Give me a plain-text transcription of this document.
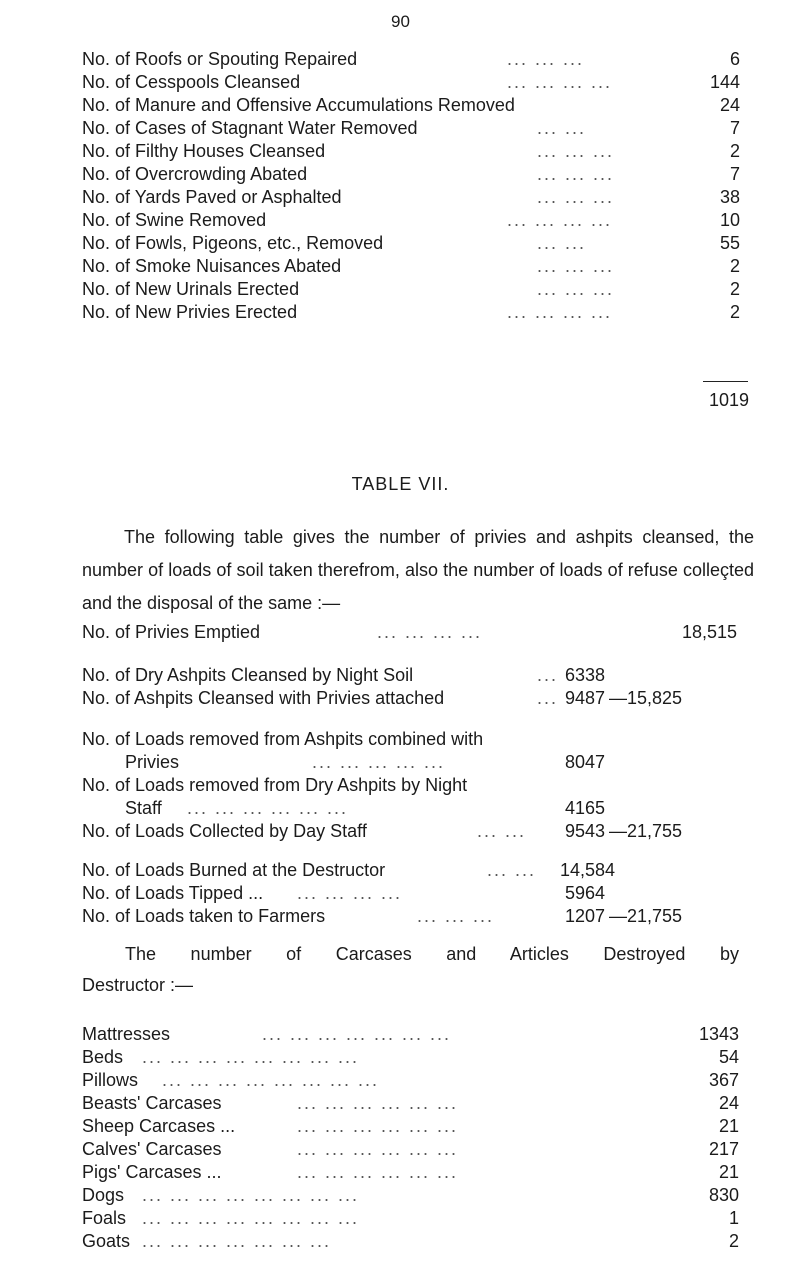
90
No. of Roofs or Spouting Repaired	... ... ...	6
No. of Cesspools Cleansed	... ... ... ...	144
No. of Manure and Offensive Accumulations Removed	24
No. of Cases of Stagnant Water Removed	... ...	7
No. of Filthy Houses Cleansed	... ... ...	2
No. of Overcrowding Abated	... ... ...	7
No. of Yards Paved or Asphalted	... ... ...	38
No. of Swine Removed	... ... ... ...	10
No. of Fowls, Pigeons, etc., Removed	... ...	55
No. of Smoke Nuisances Abated	... ... ...	2
No. of New Urinals Erected	... ... ...	2
No. of New Privies Erected	... ... ... ...	2
1019
TABLE VII.
The following table gives the number of privies and ashpits cleansed, the number of loads of soil taken therefrom, also the number of loads of refuse colleçted and the disposal of the same :—
No. of Privies Emptied	... ... ... ...	18,515
No. of Dry Ashpits Cleansed by Night Soil	... 6338
No. of Ashpits Cleansed with Privies attached	... 9487 —15,825
No. of Loads removed from Ashpits combined with
Privies	... ... ... ... ...	8047
No. of Loads removed from Dry Ashpits by Night
Staff ... ... ... ... ... ...	4165
No. of Loads Collected by Day Staff	... ... 9543 —21,755
No. of Loads Burned at the Destructor	... ... 14,584
No. of Loads Tipped ... ... ... ... ...	5964
No. of Loads taken to Farmers	... ... ...	1207 —21,755
The number of Carcases and Articles Destroyed by
Destructor :—
Mattresses	... ... ... ... ... ... ...	1343
Beds ... ... ... ... ... ... ... ...	54
Pillows ... ... ... ... ... ... ... ...	367
Beasts' Carcases	... ... ... ... ... ...	24
Sheep Carcases ...	... ... ... ... ... ...	21
Calves' Carcases	... ... ... ... ... ...	217
Pigs' Carcases ...	... ... ... ... ... ...	21
Dogs ... ... ... ... ... ... ... ...	830
Foals ... ... ... ... ... ... ... ...	1
Goats ... ... ... ... ... ... ...	2
